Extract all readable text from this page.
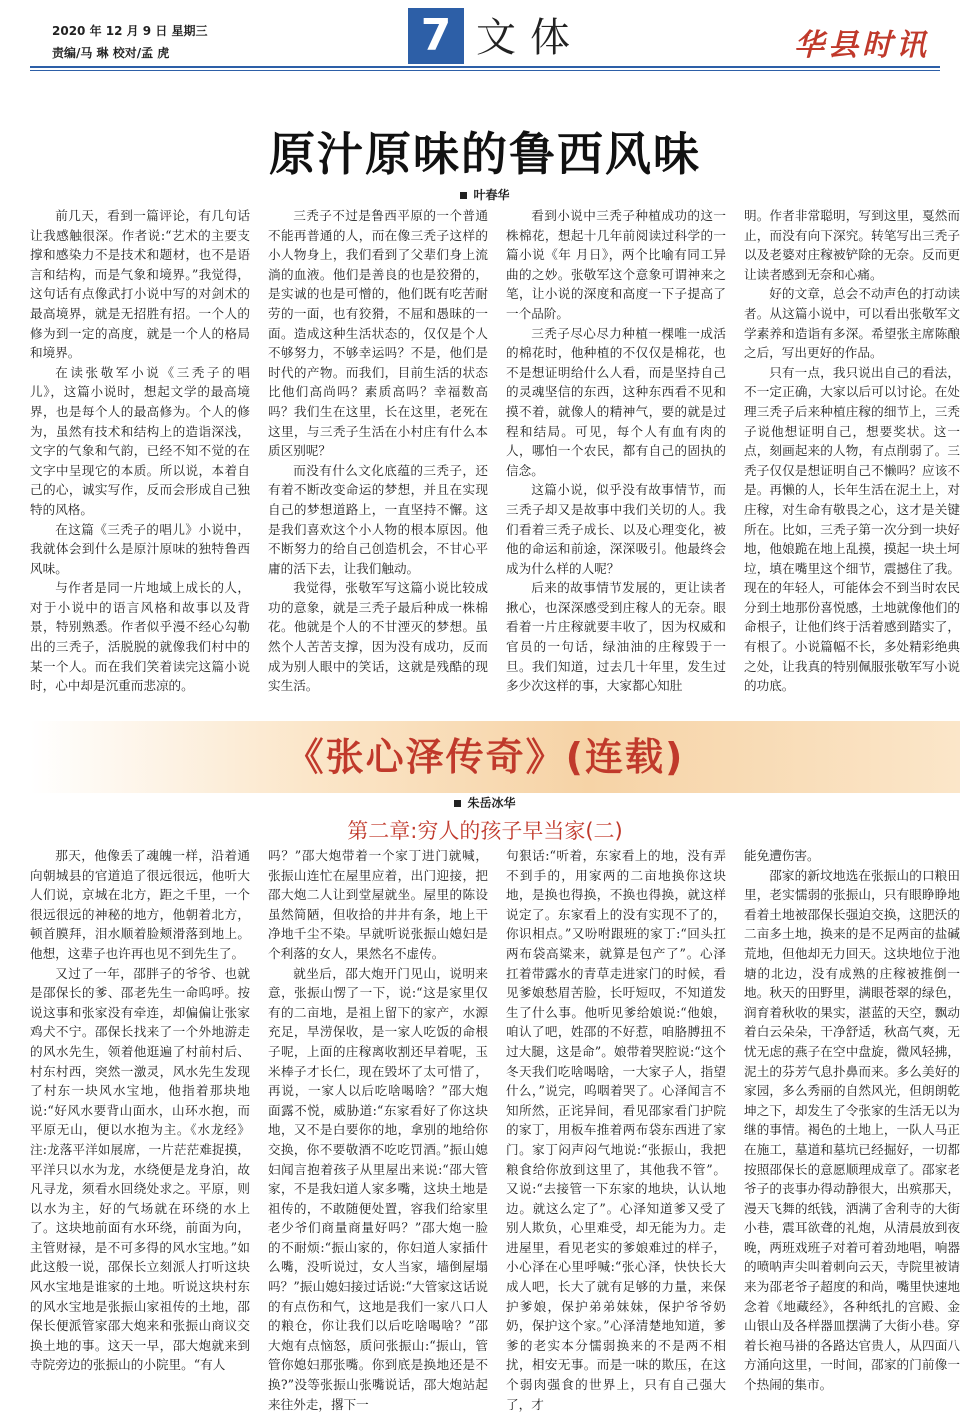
2020 年 12 月 9 日 星期三
责编/马 琳 校对/孟 虎	7 文体	华县时讯
原汁原味的鲁西风味
叶春华

前几天，看到一篇评论，有几句话让我感触很深。作者说:“艺术的主要支撑和感染力不是技术和题材，也不是语言和结构，而是气象和境界。”我觉得，这句话有点像武打小说中写的对剑术的最高境界，就是无招胜有招。一个人的修为到一定的高度，就是一个人的格局和境界。

在读张敬军小说《三秃子的唱儿》，这篇小说时，想起文学的最高境界，也是每个人的最高修为。个人的修为，虽然有技术和结构上的造诣深浅，文字的气象和气韵，已经不知不觉的在文字中呈现它的本质。所以说，本着自己的心，诚实写作，反而会形成自己独特的风格。

在这篇《三秃子的唱儿》小说中，我就体会到什么是原汁原味的独特鲁西风味。

与作者是同一片地域上成长的人，对于小说中的语言风格和故事以及背景，特别熟悉。作者似乎漫不经心勾勒出的三秃子，活脱脱的就像我们村中的某一个人。而在我们笑着读完这篇小说时，心中却是沉重而悲凉的。

三秃子不过是鲁西平原的一个普通不能再普通的人，而在像三秃子这样的小人物身上，我们看到了父辈们身上流淌的血液。他们是善良的也是狡猾的，是实诚的也是可憎的，他们既有吃苦耐劳的一面，也有狡猾，不屈和愚昧的一面。造成这种生活状态的，仅仅是个人不够努力，不够幸运吗？不是，他们是时代的产物。而我们，目前生活的状态比他们高尚吗？素质高吗？幸福数高吗？我们生在这里，长在这里，老死在这里，与三秃子生活在小村庄有什么本质区别呢？

而没有什么文化底蕴的三秃子，还有着不断改变命运的梦想，并且在实现自己的梦想道路上，一直坚持不懈。这是我们喜欢这个小人物的根本原因。他不断努力的给自己创造机会，不甘心平庸的活下去，让我们触动。

我觉得，张敬军写这篇小说比较成功的意象，就是三秃子最后种成一株棉花。他就是个人的不甘湮灭的梦想。虽然个人苦苦支撑，因为没有成功，反而成为别人眼中的笑话，这就是残酷的现实生活。

看到小说中三秃子种植成功的这一株棉花，想起十几年前阅读过科学的一篇小说《年 月日》，两个比喻有同工异曲的之妙。张敬军这个意象可谓神来之笔，让小说的深度和高度一下子提高了一个品阶。

三秃子尽心尽力种植一棵唯一成活的棉花时，他种植的不仅仅是棉花，也不是想证明给什么人看，而是坚持自己的灵魂坚信的东西，这种东西看不见和摸不着，就像人的精神气，要的就是过程和结局。可见，每个人有血有肉的人，哪怕一个农民，都有自己的固执的信念。

这篇小说，似乎没有故事情节，而三秃子却又是故事中我们关切的人。我们看着三秃子成长、以及心理变化，被他的命运和前途，深深吸引。他最终会成为什么样的人呢？

后来的故事情节发展的，更让读者揪心，也深深感受到庄稼人的无奈。眼看着一片庄稼就要丰收了，因为权威和官员的一句话，绿油油的庄稼毁于一旦。我们知道，过去几十年里，发生过多少次这样的事，大家都心知肚

明。作者非常聪明，写到这里，戛然而止，而没有向下深究。转笔写出三秃子以及老婆对庄稼被铲除的无奈。反而更让读者感到无奈和心痛。

好的文章，总会不动声色的打动读者。从这篇小说中，可以看出张敬军文学素养和造诣有多深。希望张主席陈酿之后，写出更好的作品。

只有一点，我只说出自己的看法，不一定正确，大家以后可以讨论。在处理三秃子后来种植庄稼的细节上，三秃子说他想证明自己，想要奖状。这一点，刻画起来的人物，有点削弱了。三秃子仅仅是想证明自己不懒吗？应该不是。再懒的人，长年生活在泥土上，对庄稼，对生命有敬畏之心，这才是关键所在。比如，三秃子第一次分到一块好地，他娘跪在地上乱摸，摸起一块土坷垃，填在嘴里这个细节，震撼住了我。现在的年轻人，可能体会不到当时农民分到土地那份喜悦感，土地就像他们的命根子，让他们终于活着感到踏实了，有根了。小说篇幅不长，多处精彩绝典之处，让我真的特别佩服张敬军写小说的功底。

《张心泽传奇》(连载)
朱岳冰华
第二章:穷人的孩子早当家(二)

那天，他像丢了魂魄一样，沿着通向朝城县的官道追了很远很远，他听大人们说，京城在北方，距之千里，一个很远很远的神秘的地方，他朝着北方，顿首膜拜，泪水顺着脸颊滑落到地上。他想，这辈子也许再也见不到先生了。

又过了一年，邵胖子的爷爷、也就是邵保长的爹、邵老先生一命呜呼。按说这事和张家没有牵连，却偏偏让张家鸡犬不宁。邵保长找来了一个外地游走的风水先生，领着他逛遍了村前村后、村东村西，突然一激灵，风水先生发现了村东一块风水宝地，他指着那块地说:“好风水要背山面水，山环水抱，而平原无山，便以水抱为主。《水龙经》注:龙落平洋如展席，一片茫茫难捉摸，平洋只以水为龙，水绕便是龙身泊，故凡寻龙，须看水回绕处求之。平原，则以水为主，好的气场就在环绕的水上了。这块地前面有水环绕，前面为向，主管财禄，是不可多得的风水宝地。”如此这般一说，邵保长立刻派人打听这块风水宝地是谁家的土地。听说这块村东的风水宝地是张振山家祖传的土地，邵保长便派管家邵大炮来和张振山商议交换土地的事。这天一早，邵大炮就来到寺院旁边的张振山的小院里。“有人

吗？”邵大炮带着一个家丁进门就喊，张振山连忙在屋里应着，出门迎接，把邵大炮二人让到堂屋就坐。屋里的陈设虽然简陋，但收拾的井井有条，地上干净地千尘不染。早就听说张振山媳妇是个利落的女人，果然名不虚传。

就坐后，邵大炮开门见山，说明来意，张振山愣了一下，说:“这是家里仅有的二亩地，是祖上留下的家产，水源充足，旱涝保收，是一家人吃饭的命根子呢，上面的庄稼离收割还早着呢，玉米棒子才长仁，现在毁坏了太可惜了，再说，一家人以后吃啥喝啥？”邵大炮面露不悦，威胁道:“东家看好了你这块地，又不是白要你的地，拿别的地给你交换，你不要敬酒不吃吃罚酒。”振山媳妇闻言抱着孩子从里屋出来说:“邵大管家，不是我妇道人家多嘴，这块土地是祖传的，不敢随便处置，容我们给家里老少爷们商量商量好吗？”邵大炮一脸的不耐烦:“振山家的，你妇道人家插什么嘴，没听说过，女人当家，墙倒屋塌吗？”振山媳妇接过话说:“大管家这话说的有点伤和气，这地是我们一家八口人的粮仓，你让我们以后吃啥喝啥？”邵大炮有点恼怒，质问张振山:“振山，管管你媳妇那张嘴。你到底是换地还是不换?”没等张振山张嘴说话，邵大炮站起来往外走，撂下一

句狠话:“听着，东家看上的地，没有弄不到手的，用家两的二亩地换你这块地，是换也得换，不换也得换，就这样说定了。东家看上的没有实现不了的，你识相点。”又吩咐跟班的家丁:“回头扛两布袋高粱来，就算是包产了”。心泽扛着带露水的青草走进家门的时候，看见爹娘愁眉苦脸，长吁短叹，不知道发生了什么事。他听见爹给娘说:“他娘，咱认了吧，姓邵的不好惹，咱胳膊扭不过大腿，这是命”。娘带着哭腔说:“这个冬天我们吃啥喝啥，一大家子人，指望什么，”说完，呜咽着哭了。心泽闻言不知所然，正诧异间，看见邵家看门护院的家丁，用板车推着两布袋东西进了家门。家丁闷声闷气地说:“张振山，我把粮食给你放到这里了，其他我不管”。又说:“去接管一下东家的地块，认认地边。就这么定了”。心泽知道爹又受了别人欺负，心里难受，却无能为力。走进屋里，看见老实的爹娘难过的样子，小心泽在心里呼喊:“张心泽，快快长大成人吧，长大了就有足够的力量，来保护爹娘，保护弟弟妹妹，保护爷爷奶奶，保护这个家。”心泽清楚地知道，爹爹的老实本分懦弱换来的不是两不相扰，相安无事。而是一味的欺压，在这个弱肉强食的世界上，只有自己强大了，才

能免遭伤害。

邵家的新坟地选在张振山的口粮田里，老实懦弱的张振山，只有眼睁睁地看着土地被邵保长强迫交换，这肥沃的二亩多土地，换来的是不足两亩的盐碱荒地，但他却无力回天。这块地位于池塘的北边，没有成熟的庄稼被推倒一地。秋天的田野里，满眼苍翠的绿色，润育着秋收的果实，湛蓝的天空，飘动着白云朵朵，干净舒适，秋高气爽，无忧无虑的燕子在空中盘旋，微风轻拂，泥土的芬芳气息扑鼻而来。多么美好的家园，多么秀丽的自然风光，但朗朗乾坤之下，却发生了令张家的生活无以为继的事情。褐色的土地上，一队人马正在施工，墓道和墓坑已经掘好，一切都按照邵保长的意愿顺理成章了。邵家老爷子的丧事办得动静很大，出殡那天，漫天飞舞的纸钱，洒满了舍利寺的大街小巷，震耳欲聋的礼炮，从清晨放到夜晚，两班戏班子对着可着劲地唱，响器的喷呐声尖叫着刺向云天，寺院里被请来为邵老爷子超度的和尚，嘴里快速地念着《地藏经》，各种纸扎的宫殿、金山银山及各样器皿摆满了大街小巷。穿着长袍马褂的各路达官贵人，从四面八方涌向这里，一时间，邵家的门前像一个热闹的集市。
